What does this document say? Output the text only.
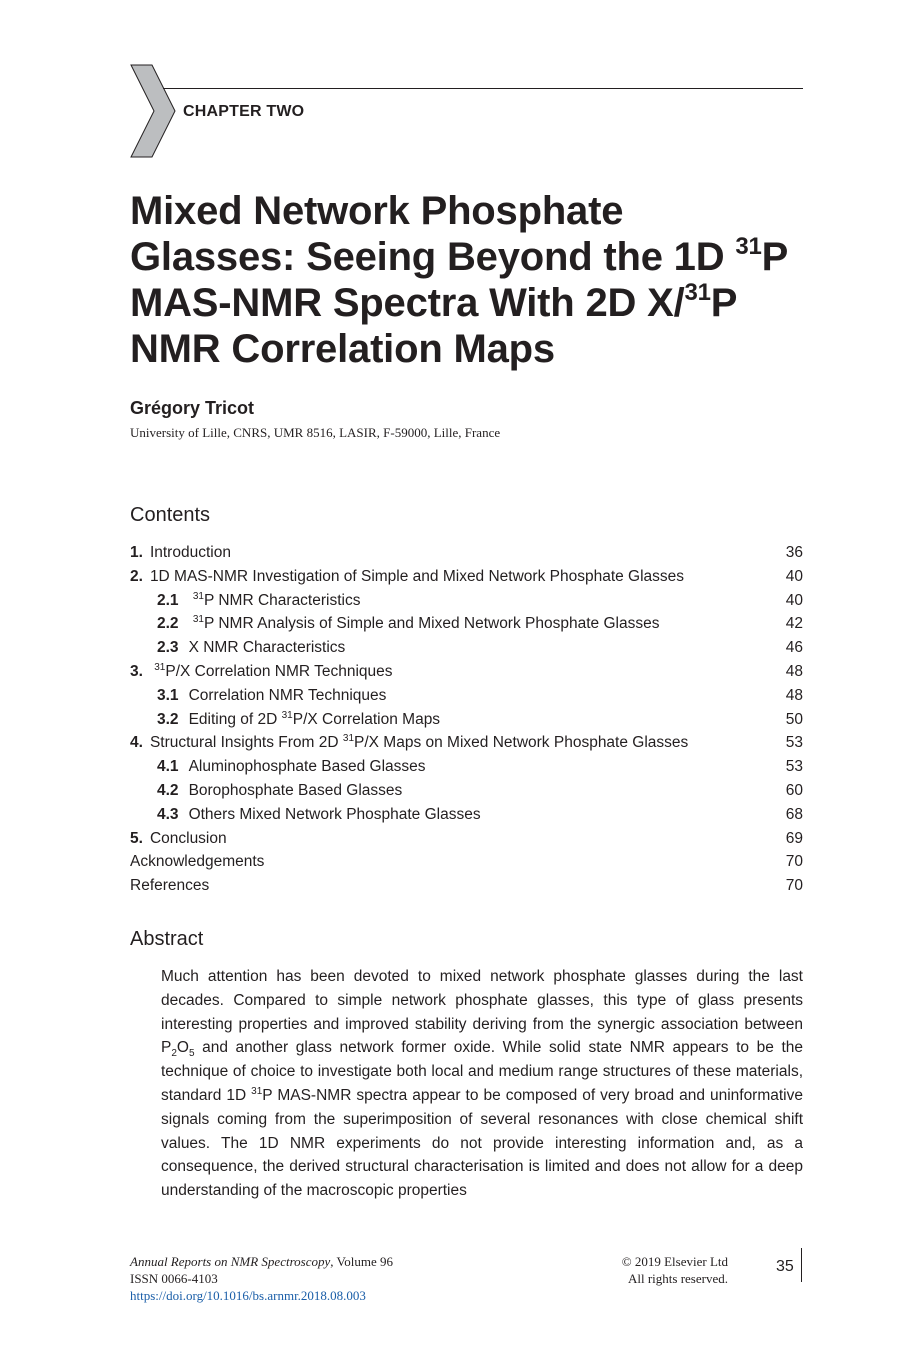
CHAPTER TWO
Mixed Network Phosphate
Glasses: Seeing Beyond the 1D $^{31}$P
MAS-NMR Spectra With 2D X/$^{31}$P
NMR Correlation Maps
Grégory Tricot
University of Lille, CNRS, UMR 8516, LASIR, F-59000, Lille, France
Contents
1. Introduction	36
2. 1D MAS-NMR Investigation of Simple and Mixed Network Phosphate Glasses	40
2.1 $^{31}$P NMR Characteristics	40
2.2 $^{31}$P NMR Analysis of Simple and Mixed Network Phosphate Glasses	42
2.3 X NMR Characteristics	46
3. $^{31}$P/X Correlation NMR Techniques	48
3.1 Correlation NMR Techniques	48
3.2 Editing of 2D $^{31}$P/X Correlation Maps	50
4. Structural Insights From 2D $^{31}$P/X Maps on Mixed Network Phosphate Glasses	53
4.1 Aluminophosphate Based Glasses	53
4.2 Borophosphate Based Glasses	60
4.3 Others Mixed Network Phosphate Glasses	68
5. Conclusion	69
Acknowledgements	70
References	70
Abstract

Much attention has been devoted to mixed network phosphate glasses during the last decades. Compared to simple network phosphate glasses, this type of glass presents interesting properties and improved stability deriving from the synergic association between $P_2O_5$ and another glass network former oxide. While solid state NMR appears to be the technique of choice to investigate both local and medium range structures of these materials, standard 1D $^{31}$P MAS-NMR spectra appear to be composed of very broad and uninformative signals coming from the superimposition of several resonances with close chemical shift values. The 1D NMR experiments do not provide interesting information and, as a consequence, the derived structural characterisation is limited and does not allow for a deep understanding of the macroscopic properties

Annual Reports on NMR Spectroscopy, Volume 96
ISSN 0066-4103
https://doi.org/10.1016/bs.arnmr.2018.08.003
© 2019 Elsevier Ltd
All rights reserved.
35
